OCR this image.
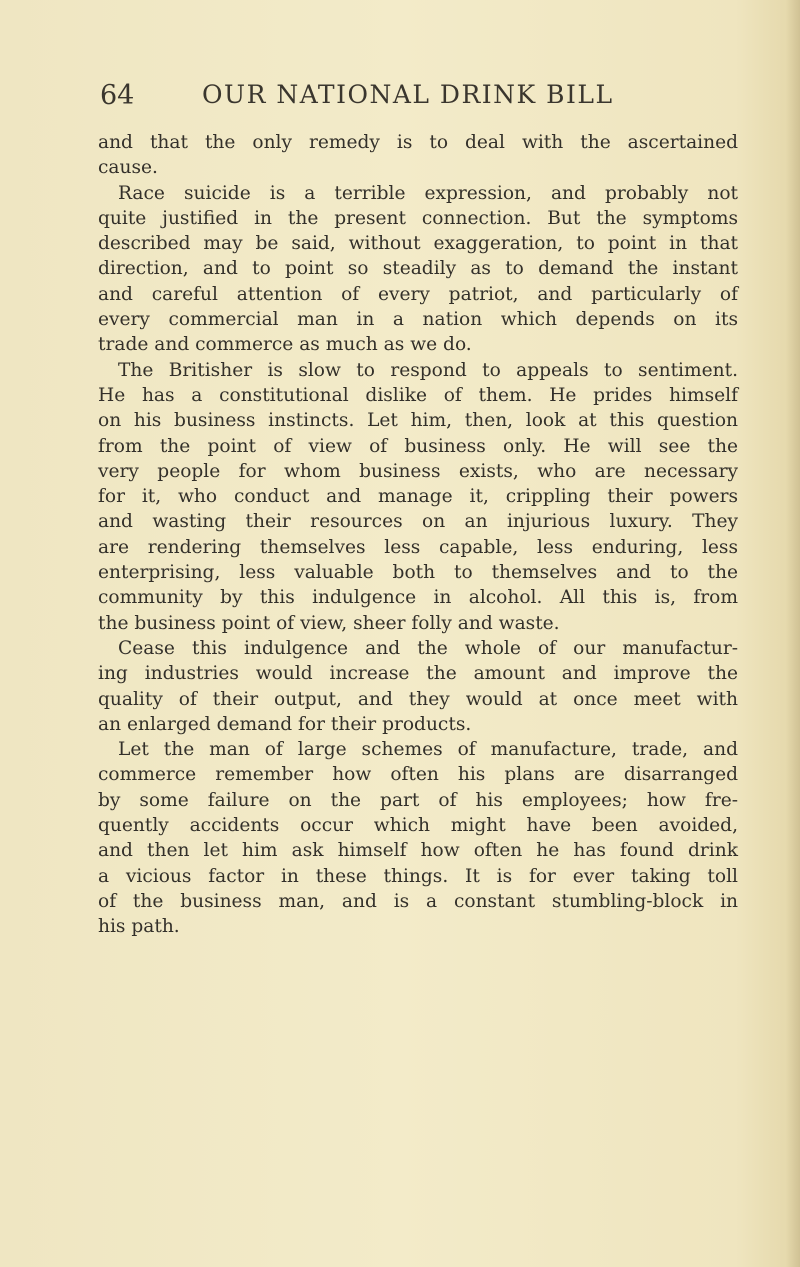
64	OUR NATIONAL DRINK BILL
and that the only remedy is to deal with the ascertained
cause.
Race suicide is a terrible expression, and probably not
quite justified in the present connection. But the symptoms
described may be said, without exaggeration, to point in that
direction, and to point so steadily as to demand the instant
and careful attention of every patriot, and particularly of
every commercial man in a nation which depends on its
trade and commerce as much as we do.
The Britisher is slow to respond to appeals to sentiment.
He has a constitutional dislike of them. He prides himself
on his business instincts. Let him, then, look at this question
from the point of view of business only. He will see the
very people for whom business exists, who are necessary
for it, who conduct and manage it, crippling their powers
and wasting their resources on an injurious luxury. They
are rendering themselves less capable, less enduring, less
enterprising, less valuable both to themselves and to the
community by this indulgence in alcohol. All this is, from
the business point of view, sheer folly and waste.
Cease this indulgence and the whole of our manufactur-
ing industries would increase the amount and improve the
quality of their output, and they would at once meet with
an enlarged demand for their products.
Let the man of large schemes of manufacture, trade, and
commerce remember how often his plans are disarranged
by some failure on the part of his employees; how fre-
quently accidents occur which might have been avoided,
and then let him ask himself how often he has found drink
a vicious factor in these things. It is for ever taking toll
of the business man, and is a constant stumbling-block in
his path.
